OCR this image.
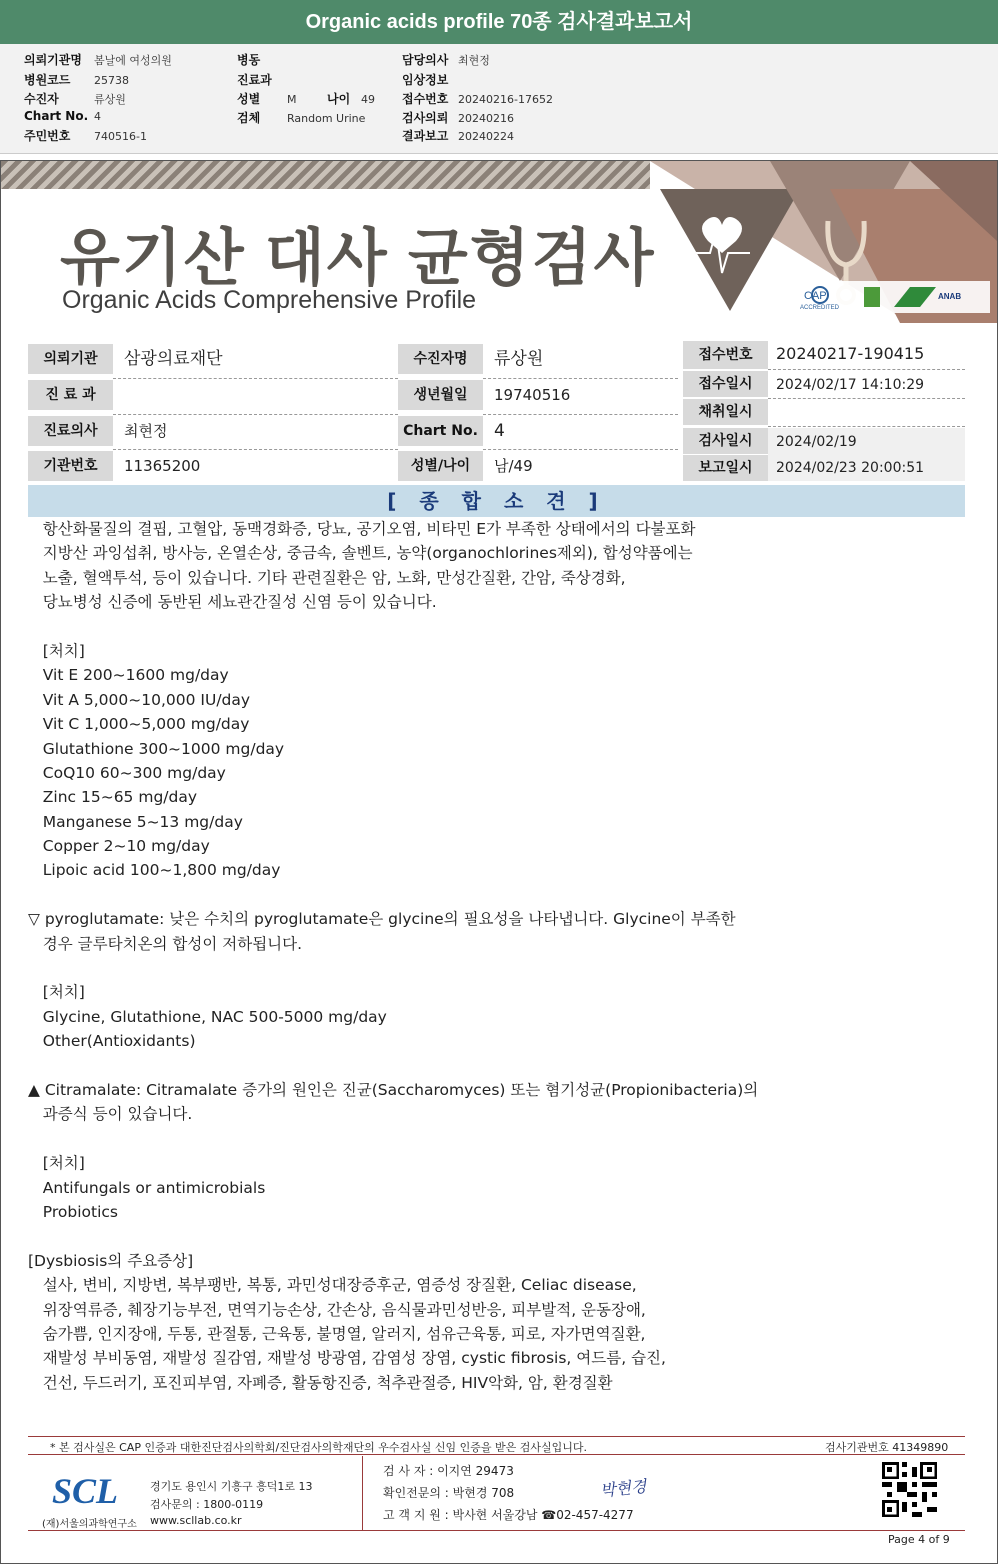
Organic acids profile 70종 검사결과보고서
의뢰기관명 봄날에 여성의원
병원코드 25738
수진자	류상원
Chart No. 4
주민번호 740516-1
병동
진료과
성별 M	나이 49
검체 Random Urine
담당의사 최현정
임상정보
접수번호 20240216-17652
검사의뢰 20240216
결과보고 20240224
CAP
ACCREDITED
ANAB
유기산 대사 균형검사
Organic Acids Comprehensive Profile
의뢰기관	삼광의료재단
진 료 과
진료의사	최현정
기관번호	11365200
수진자명	류상원
생년월일	19740516
Chart No. 4
성별/나이	남/49
접수번호	20240217-190415
접수일시	2024/02/17 14:10:29
채취일시
검사일시	2024/02/19
보고일시	2024/02/23 20:00:51
[ 종 합 소 견 ]
항산화물질의 결핍, 고혈압, 동맥경화증, 당뇨, 공기오염, 비타민 E가 부족한 상태에서의 다불포화
지방산 과잉섭취, 방사능, 온열손상, 중금속, 솔벤트, 농약(organochlorines제외), 합성약품에는
노출, 혈액투석, 등이 있습니다. 기타 관련질환은 암, 노화, 만성간질환, 간암, 죽상경화,
당뇨병성 신증에 동반된 세뇨관간질성 신염 등이 있습니다.
[처치]
Vit E 200~1600 mg/day
Vit A 5,000~10,000 IU/day
Vit C 1,000~5,000 mg/day
Glutathione 300~1000 mg/day
CoQ10 60~300 mg/day
Zinc 15~65 mg/day
Manganese 5~13 mg/day
Copper 2~10 mg/day
Lipoic acid 100~1,800 mg/day
▽ pyroglutamate: 낮은 수치의 pyroglutamate은 glycine의 필요성을 나타냅니다. Glycine이 부족한
경우 글루타치온의 합성이 저하됩니다.
[처치]
Glycine, Glutathione, NAC 500-5000 mg/day
Other(Antioxidants)
▲ Citramalate: Citramalate 증가의 원인은 진균(Saccharomyces) 또는 혐기성균(Propionibacteria)의
과증식 등이 있습니다.
[처치]
Antifungals or antimicrobials
Probiotics
[Dysbiosis의 주요증상]
설사, 변비, 지방변, 복부팽반, 복통, 과민성대장증후군, 염증성 장질환, Celiac disease,
위장역류증, 췌장기능부전, 면역기능손상, 간손상, 음식물과민성반응, 피부발적, 운동장애,
숨가쁨, 인지장애, 두통, 관절통, 근육통, 불명열, 알러지, 섬유근육통, 피로, 자가면역질환,
재발성 부비동염, 재발성 질감염, 재발성 방광염, 감염성 장염, cystic fibrosis, 여드름, 습진,
건선, 두드러기, 포진피부염, 자폐증, 활동항진증, 척추관절증, HIV악화, 암, 환경질환
* 본 검사실은 CAP 인증과 대한진단검사의학회/진단검사의학재단의 우수검사실 신임 인증을 받은 검사실입니다.	검사기관번호 41349890
SCL
(재)서울의과학연구소
경기도 용인시 기흥구 흥덕1로 13
검사문의 : 1800-0119
www.scllab.co.kr
검 사 자 : 이지연 29473
확인전문의 : 박현경 708
고 객 지 원 : 박사현 서울강남 ☎02-457-4277
박현경
Page 4 of 9
